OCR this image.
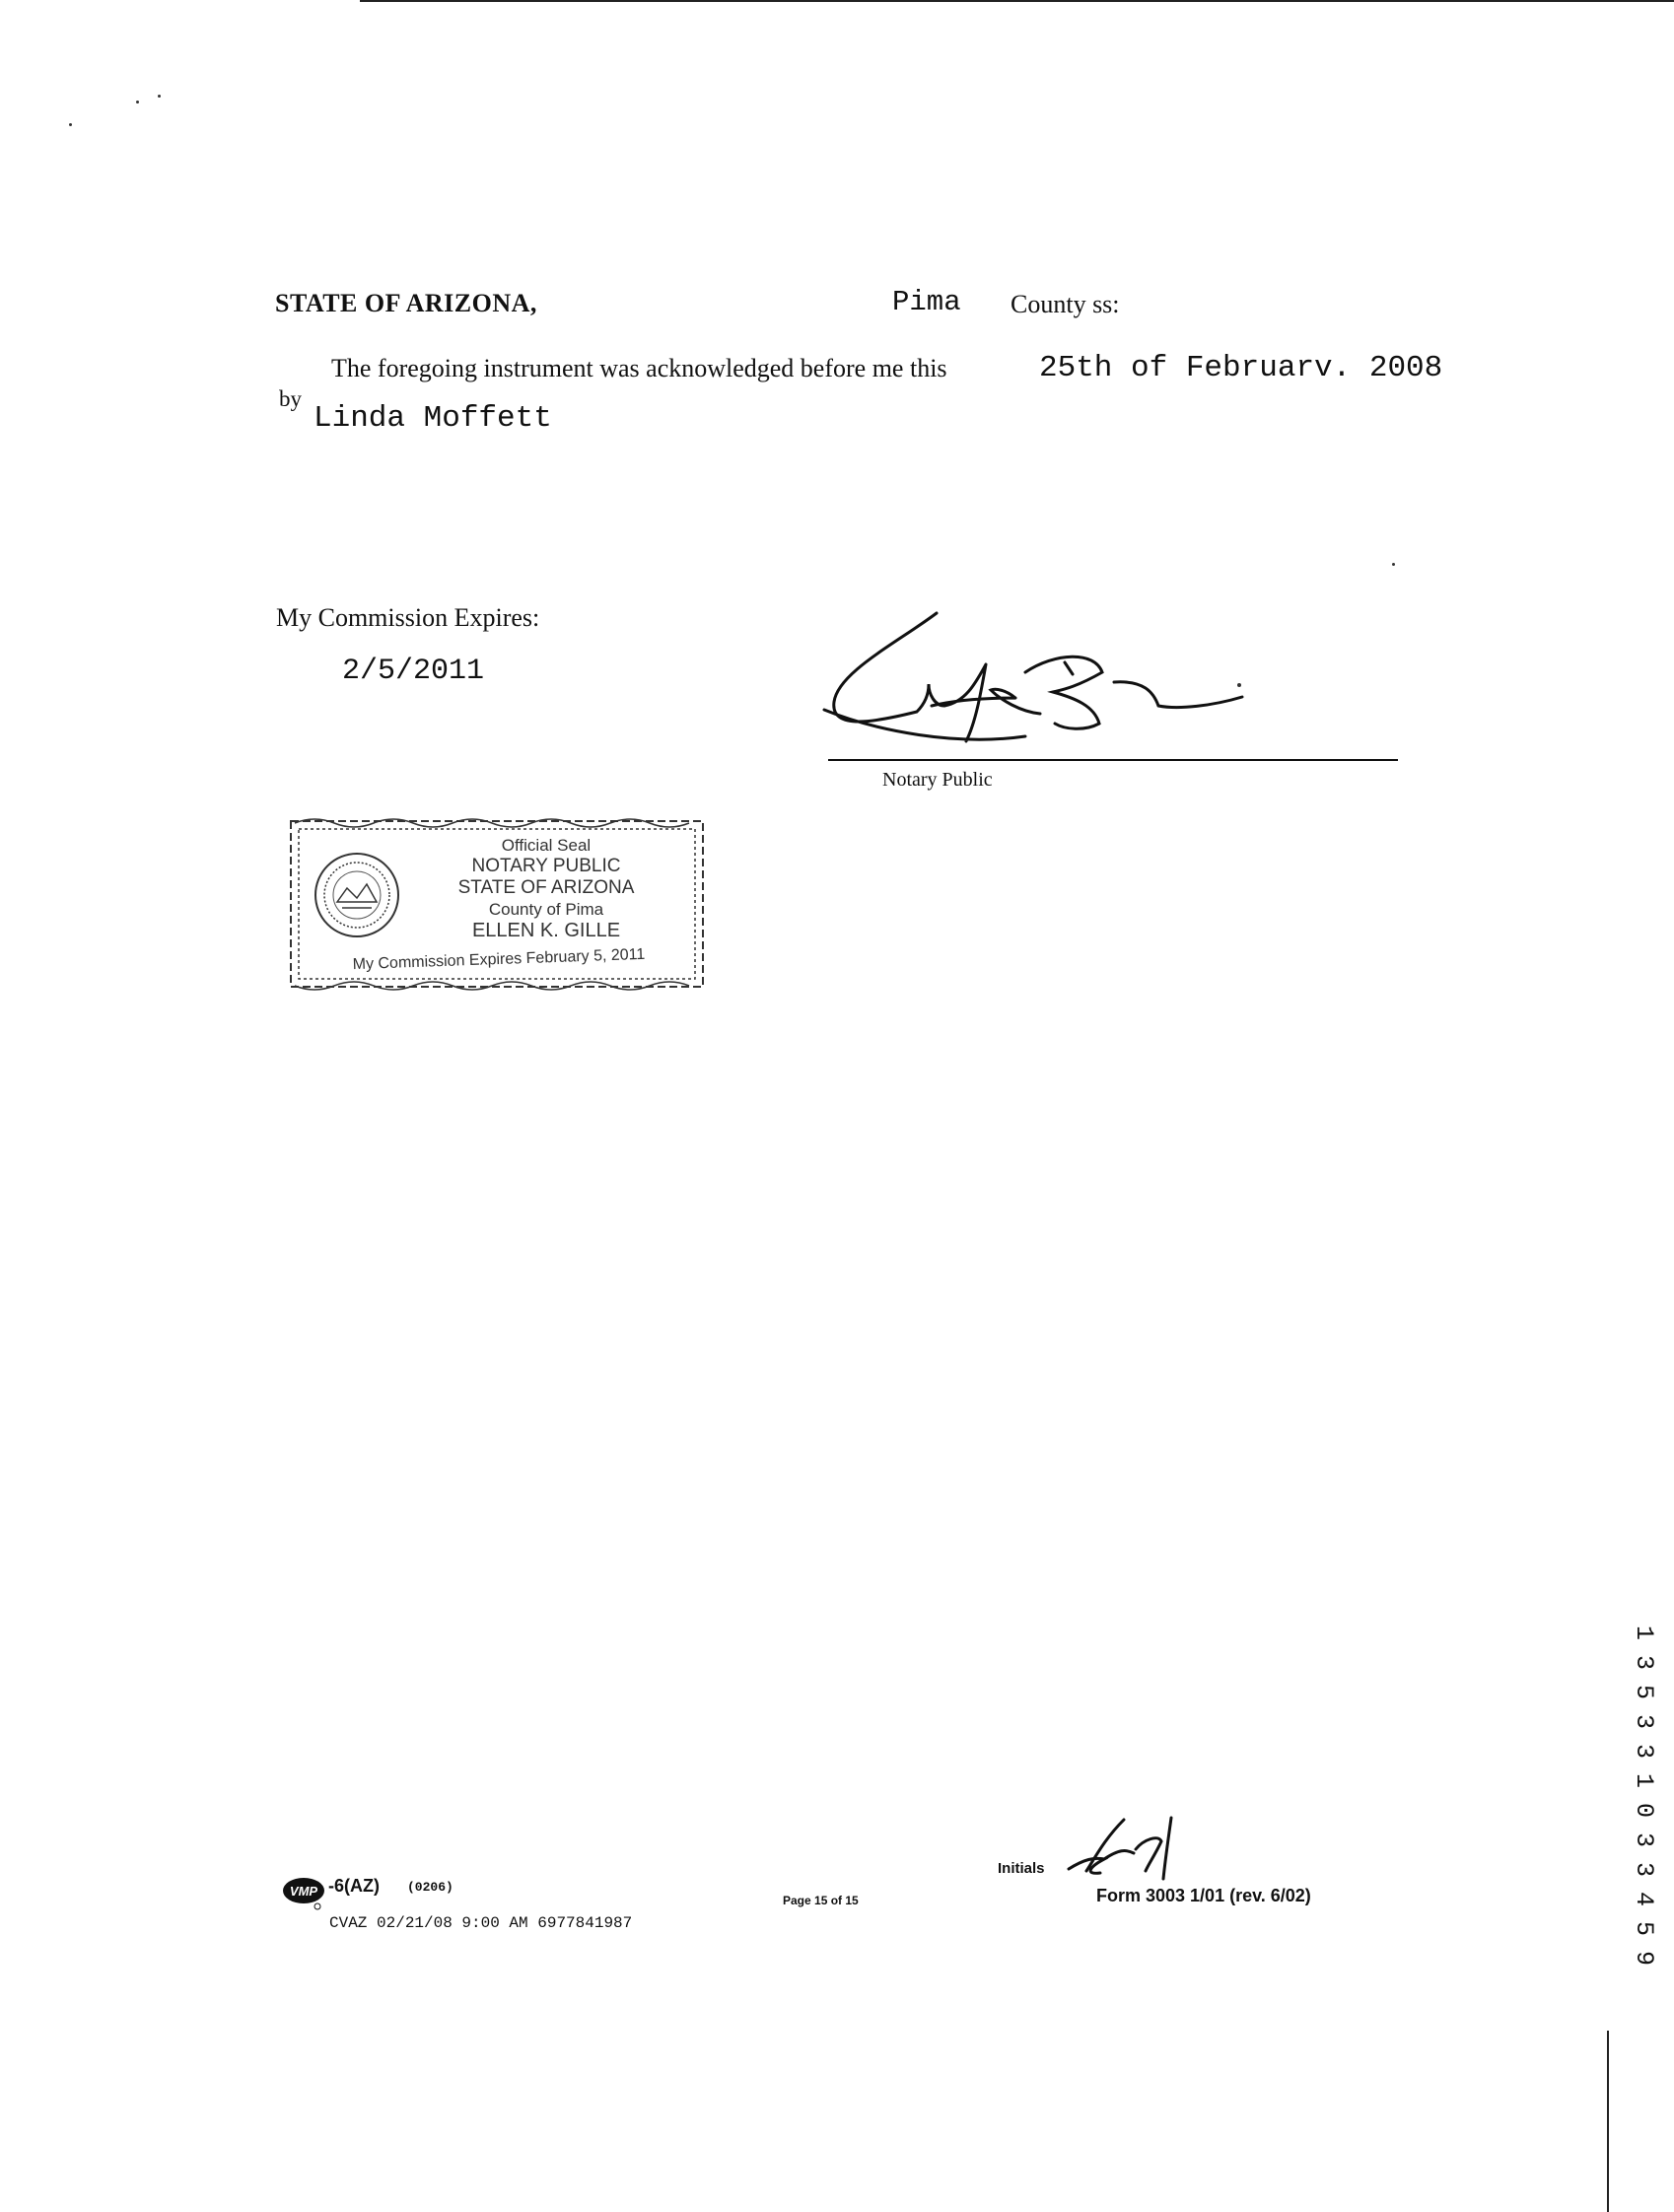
STATE OF ARIZONA,	Pima County ss:
The foregoing instrument was acknowledged before me this	25th of Februarv. 2008
by
Linda Moffett
My Commission Expires:
2/5/2011
Notary Public
Official Seal
NOTARY PUBLIC
STATE OF ARIZONA
County of Pima
ELLEN K. GILLE
My Commission Expires February 5, 2011
VMP -6(AZ) (0206)
CVAZ 02/21/08 9:00 AM 6977841987
Page 15 of 15
Initials
Form 3003 1/01 (rev. 6/02)	1 3 5 3 3 1 0 3 3 4 5 9
